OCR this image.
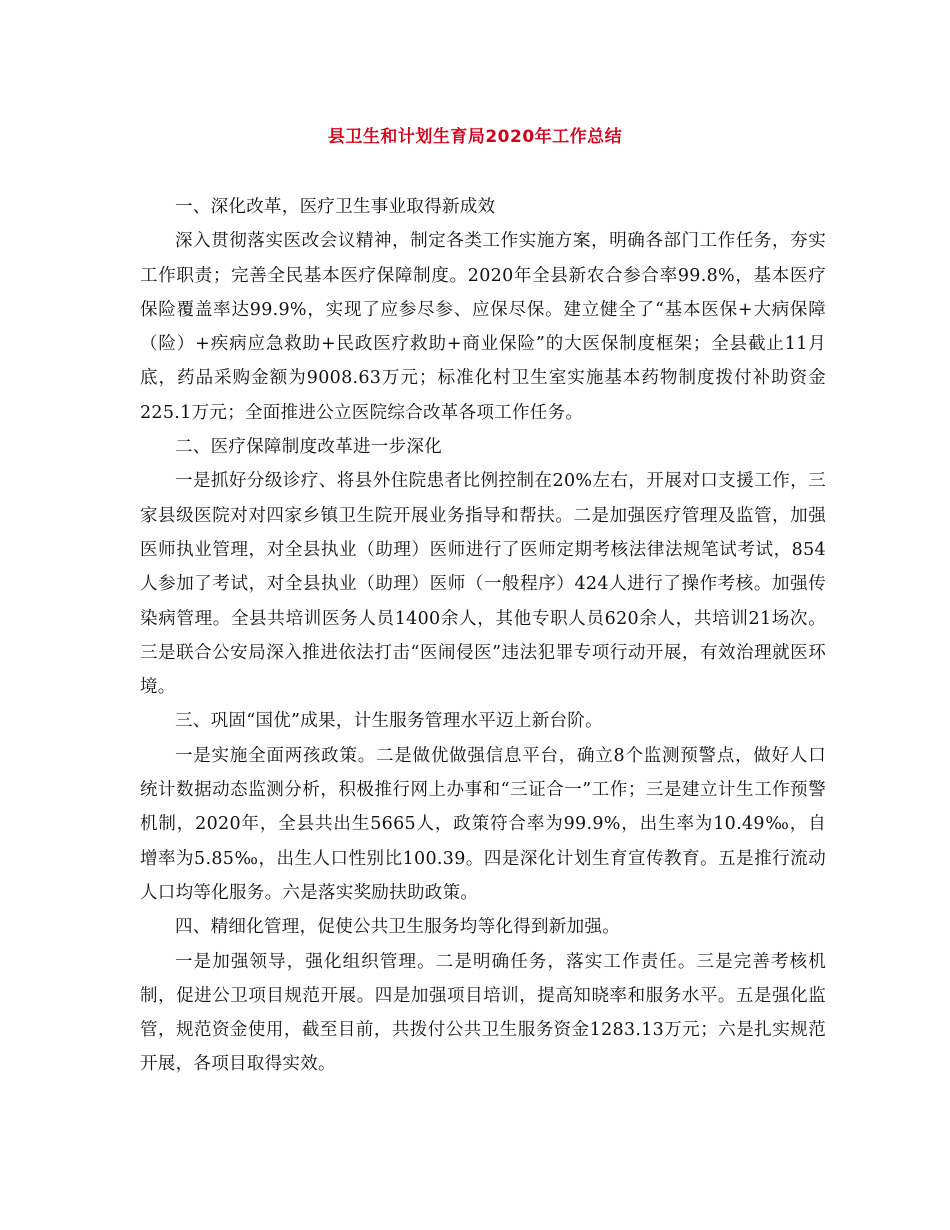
县卫生和计划生育局2020年工作总结

一、深化改革，医疗卫生事业取得新成效

深入贯彻落实医改会议精神，制定各类工作实施方案，明确各部门工作任务，夯实工作职责；完善全民基本医疗保障制度。2020年全县新农合参合率99.8%，基本医疗保险覆盖率达99.9%，实现了应参尽参、应保尽保。建立健全了“基本医保+大病保障（险）+疾病应急救助+民政医疗救助+商业保险”的大医保制度框架；全县截止11月底，药品采购金额为9008.63万元；标准化村卫生室实施基本药物制度拨付补助资金225.1万元；全面推进公立医院综合改革各项工作任务。

二、医疗保障制度改革进一步深化

一是抓好分级诊疗、将县外住院患者比例控制在20%左右，开展对口支援工作，三家县级医院对对四家乡镇卫生院开展业务指导和帮扶。二是加强医疗管理及监管，加强医师执业管理，对全县执业（助理）医师进行了医师定期考核法律法规笔试考试，854人参加了考试，对全县执业（助理）医师（一般程序）424人进行了操作考核。加强传染病管理。全县共培训医务人员1400余人，其他专职人员620余人，共培训21场次。三是联合公安局深入推进依法打击“医闹侵医”违法犯罪专项行动开展，有效治理就医环境。

三、巩固“国优”成果，计生服务管理水平迈上新台阶。

一是实施全面两孩政策。二是做优做强信息平台，确立8个监测预警点，做好人口统计数据动态监测分析，积极推行网上办事和“三证合一”工作；三是建立计生工作预警机制，2020年，全县共出生5665人，政策符合率为99.9%，出生率为10.49‰，自增率为5.85‰，出生人口性别比100.39。四是深化计划生育宣传教育。五是推行流动人口均等化服务。六是落实奖励扶助政策。

四、精细化管理，促使公共卫生服务均等化得到新加强。

一是加强领导，强化组织管理。二是明确任务，落实工作责任。三是完善考核机制，促进公卫项目规范开展。四是加强项目培训，提高知晓率和服务水平。五是强化监管，规范资金使用，截至目前，共拨付公共卫生服务资金1283.13万元；六是扎实规范开展，各项目取得实效。
